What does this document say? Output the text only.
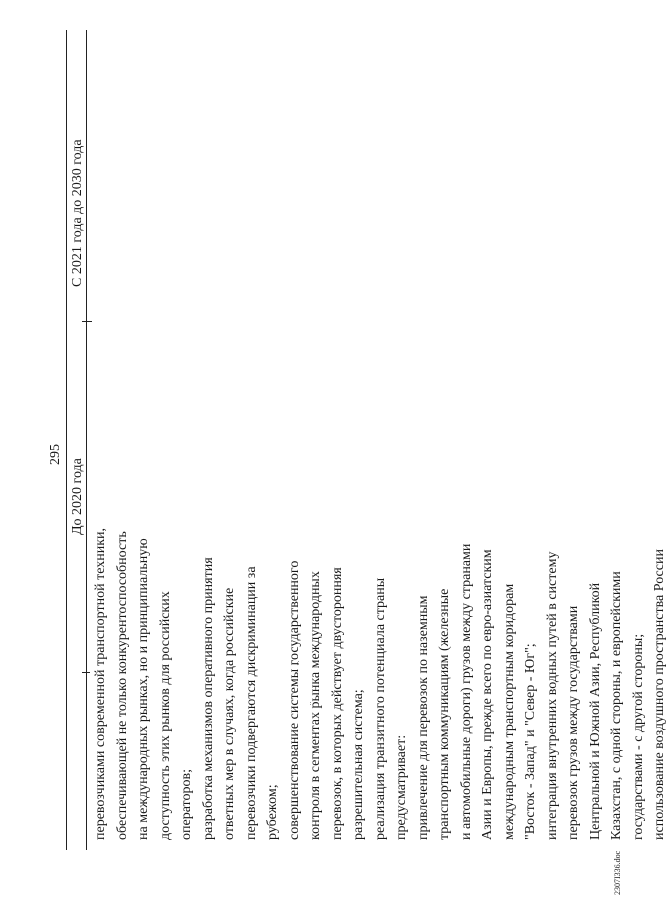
295
До 2020 года
С 2021 года до 2030 года
перевозчиками современной транспортной техники, обеспечивающей не только конкурентоспособность на международных рынках, но и принципиальную доступность этих рынков для российских операторов; разработка механизмов оперативного принятия ответных мер в случаях, когда российские перевозчики подвергаются дискриминации за рубежом; совершенствование системы государственного контроля в сегментах рынка международных перевозок, в которых действует двусторонняя разрешительная система; реализация транзитного потенциала страны предусматривает: привлечение для перевозок по наземным транспортным коммуникациям (железные и автомобильные дороги) грузов между странами Азии и Европы, прежде всего по евро-азиатским международным транспортным коридорам "Восток - Запад" и "Север - Юг"; интеграция внутренних водных путей в систему перевозок грузов между государствами Центральной и Южной Азии, Республикой Казахстан, с одной стороны, и европейскими государствами - с другой стороны; использование воздушного пространства России
2307I336.doc
